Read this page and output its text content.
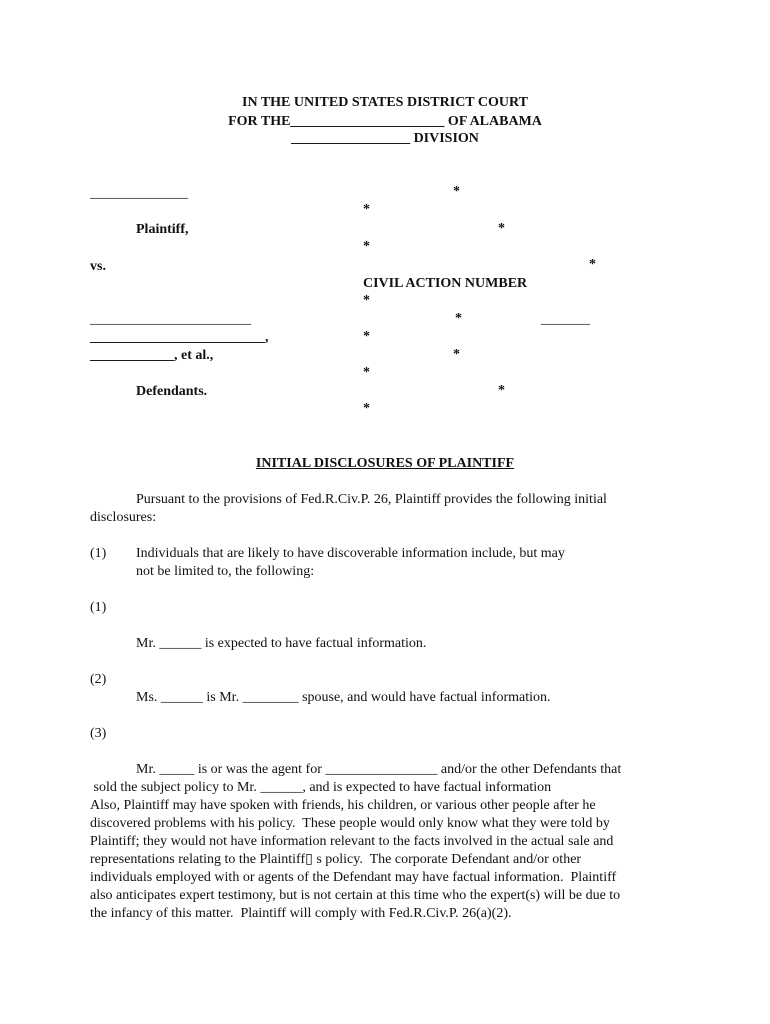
IN THE UNITED STATES DISTRICT COURT
FOR THE______________________ OF ALABAMA
_________________ DIVISION
______________
Plaintiff,
vs.
_______________________
_________________________,
____________, et al.,
Defendants.
*
*
*
*
*
CIVIL ACTION NUMBER
*
*	_______
*
*
*
*
*
INITIAL DISCLOSURES OF PLAINTIFF
Pursuant to the provisions of Fed.R.Civ.P. 26, Plaintiff provides the following initial
disclosures:
(1) Individuals that are likely to have discoverable information include, but may
not be limited to, the following:
(1)
Mr. ______ is expected to have factual information.
(2)
Ms. ______ is Mr. ________ spouse, and would have factual information.
(3)
Mr. _____ is or was the agent for ________________ and/or the other Defendants that
sold the subject policy to Mr. ______, and is expected to have factual information
Also, Plaintiff may have spoken with friends, his children, or various other people after he
discovered problems with his policy.  These people would only know what they were told by
Plaintiff; they would not have information relevant to the facts involved in the actual sale and
representations relating to the Plaintiff▯ s policy.  The corporate Defendant and/or other
individuals employed with or agents of the Defendant may have factual information.  Plaintiff
also anticipates expert testimony, but is not certain at this time who the expert(s) will be due to
the infancy of this matter.  Plaintiff will comply with Fed.R.Civ.P. 26(a)(2).
